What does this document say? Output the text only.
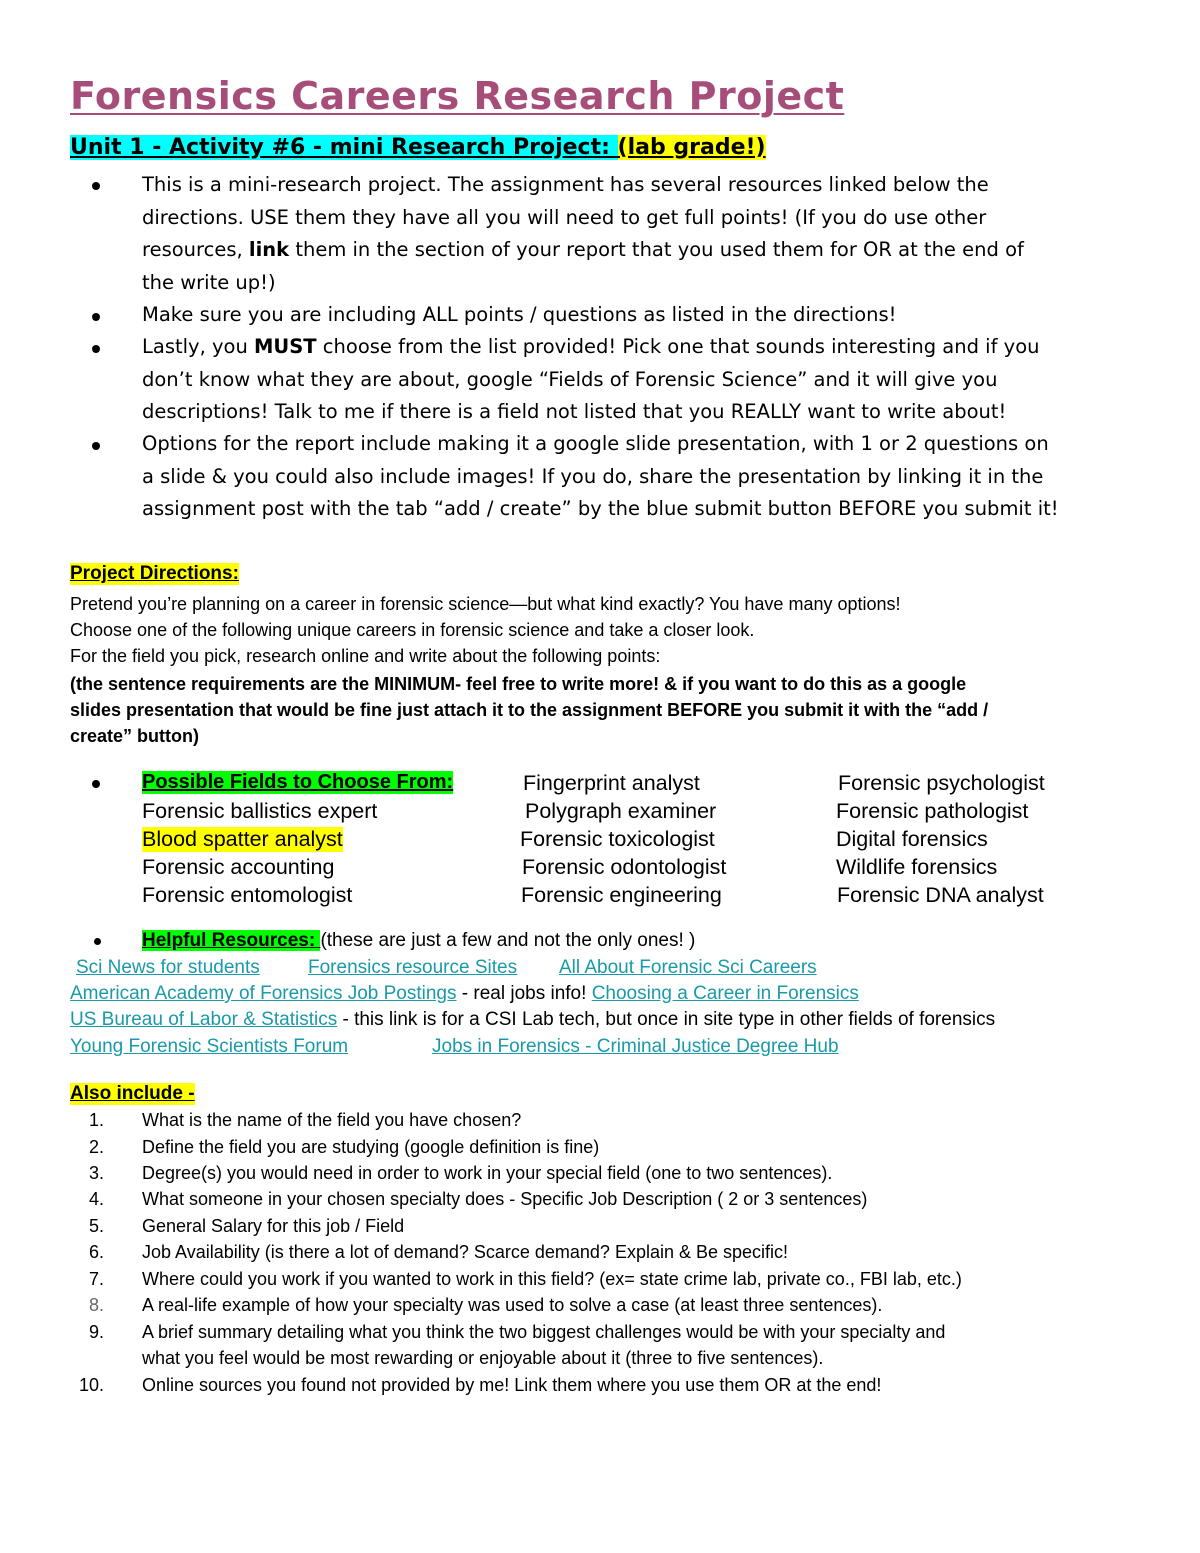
Forensics Careers Research Project
Unit 1 - Activity #6 - mini Research Project: (lab grade!)
This is a mini-research project. The assignment has several resources linked below the
directions. USE them they have all you will need to get full points! (If you do use other
resources, link them in the section of your report that you used them for OR at the end of
the write up!)
Make sure you are including ALL points / questions as listed in the directions!
Lastly, you MUST choose from the list provided! Pick one that sounds interesting and if you
don’t know what they are about, google “Fields of Forensic Science” and it will give you
descriptions! Talk to me if there is a field not listed that you REALLY want to write about!
Options for the report include making it a google slide presentation, with 1 or 2 questions on
a slide & you could also include images! If you do, share the presentation by linking it in the
assignment post with the tab “add / create” by the blue submit button BEFORE you submit it!
Project Directions:
Pretend you’re planning on a career in forensic science—but what kind exactly? You have many options!
Choose one of the following unique careers in forensic science and take a closer look.
For the field you pick, research online and write about the following points:
(the sentence requirements are the MINIMUM- feel free to write more! & if you want to do this as a google
slides presentation that would be fine just attach it to the assignment BEFORE you submit it with the “add /
create” button)
Possible Fields to Choose From:
Forensic ballistics expert
Blood spatter analyst
Forensic accounting
Forensic entomologist
Fingerprint analyst
Polygraph examiner
Forensic toxicologist
Forensic odontologist
Forensic engineering
Forensic psychologist
Forensic pathologist
Digital forensics
Wildlife forensics
Forensic DNA analyst
Helpful Resources: (these are just a few and not the only ones! )
Sci News for students	Forensics resource Sites All About Forensic Sci Careers
American Academy of Forensics Job Postings - real jobs info! Choosing a Career in Forensics
US Bureau of Labor & Statistics - this link is for a CSI Lab tech, but once in site type in other fields of forensics
Young Forensic Scientists Forum	Jobs in Forensics - Criminal Justice Degree Hub
Also include -
1. What is the name of the field you have chosen?
2. Define the field you are studying (google definition is fine)
3. Degree(s) you would need in order to work in your special field (one to two sentences).
4. What someone in your chosen specialty does - Specific Job Description ( 2 or 3 sentences)
5. General Salary for this job / Field
6. Job Availability (is there a lot of demand? Scarce demand? Explain & Be specific!
7. Where could you work if you wanted to work in this field? (ex= state crime lab, private co., FBI lab, etc.)
8. A real-life example of how your specialty was used to solve a case (at least three sentences).
9. A brief summary detailing what you think the two biggest challenges would be with your specialty and
what you feel would be most rewarding or enjoyable about it (three to five sentences).
10. Online sources you found not provided by me! Link them where you use them OR at the end!
